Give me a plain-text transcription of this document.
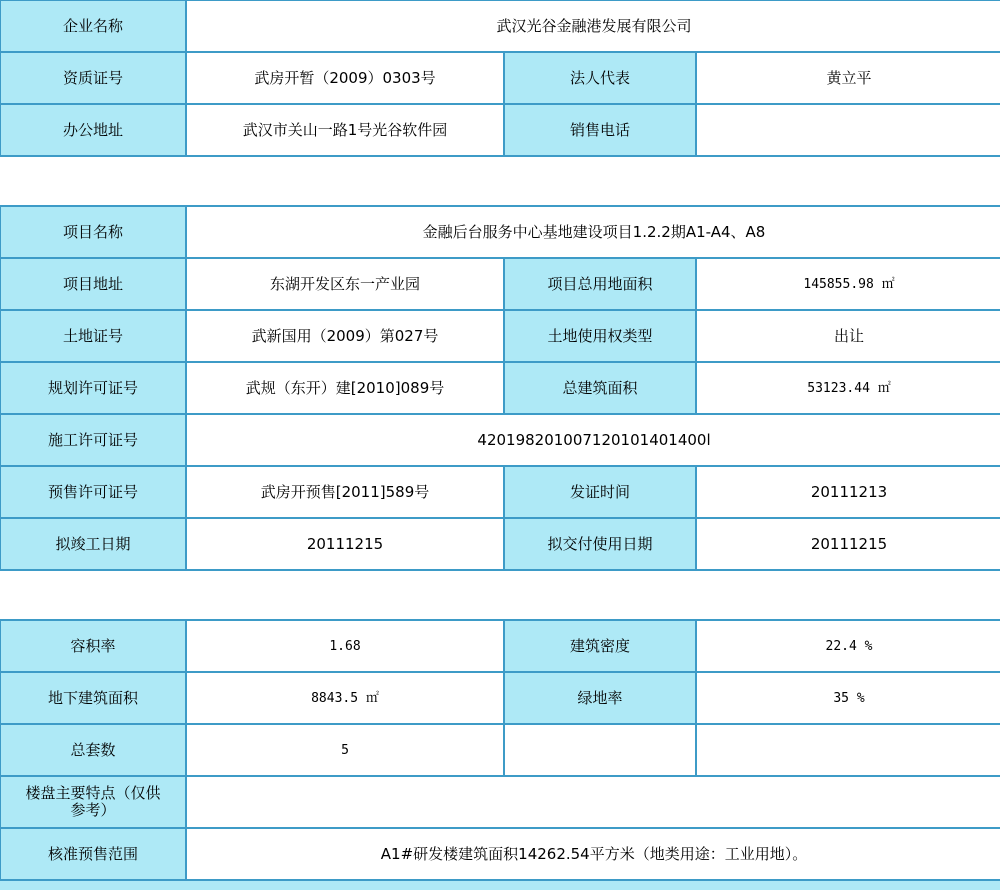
企业名称	武汉光谷金融港发展有限公司		
资质证号	武房开暂（2009）0303号	法人代表	黄立平
办公地址	武汉市关山一路1号光谷软件园	销售电话	

项目名称	金融后台服务中心基地建设项目1.2.2期A1-A4、A8		
项目地址	东湖开发区东一产业园	项目总用地面积	145855.98 ㎡
土地证号	武新国用（2009）第027号	土地使用权类型	出让
规划许可证号	武规（东开）建[2010]089号	总建筑面积	53123.44 ㎡
施工许可证号	420198201007120101401400l		
预售许可证号	武房开预售[2011]589号	发证时间	20111213
拟竣工日期	20111215	拟交付使用日期	20111215

容积率	1.68	建筑密度	22.4 %
地下建筑面积	8843.5 ㎡	绿地率	35 %
总套数	5		
楼盘主要特点（仅供参考）			
核准预售范围	A1#研发楼建筑面积14262.54平方米（地类用途：工业用地）。		
